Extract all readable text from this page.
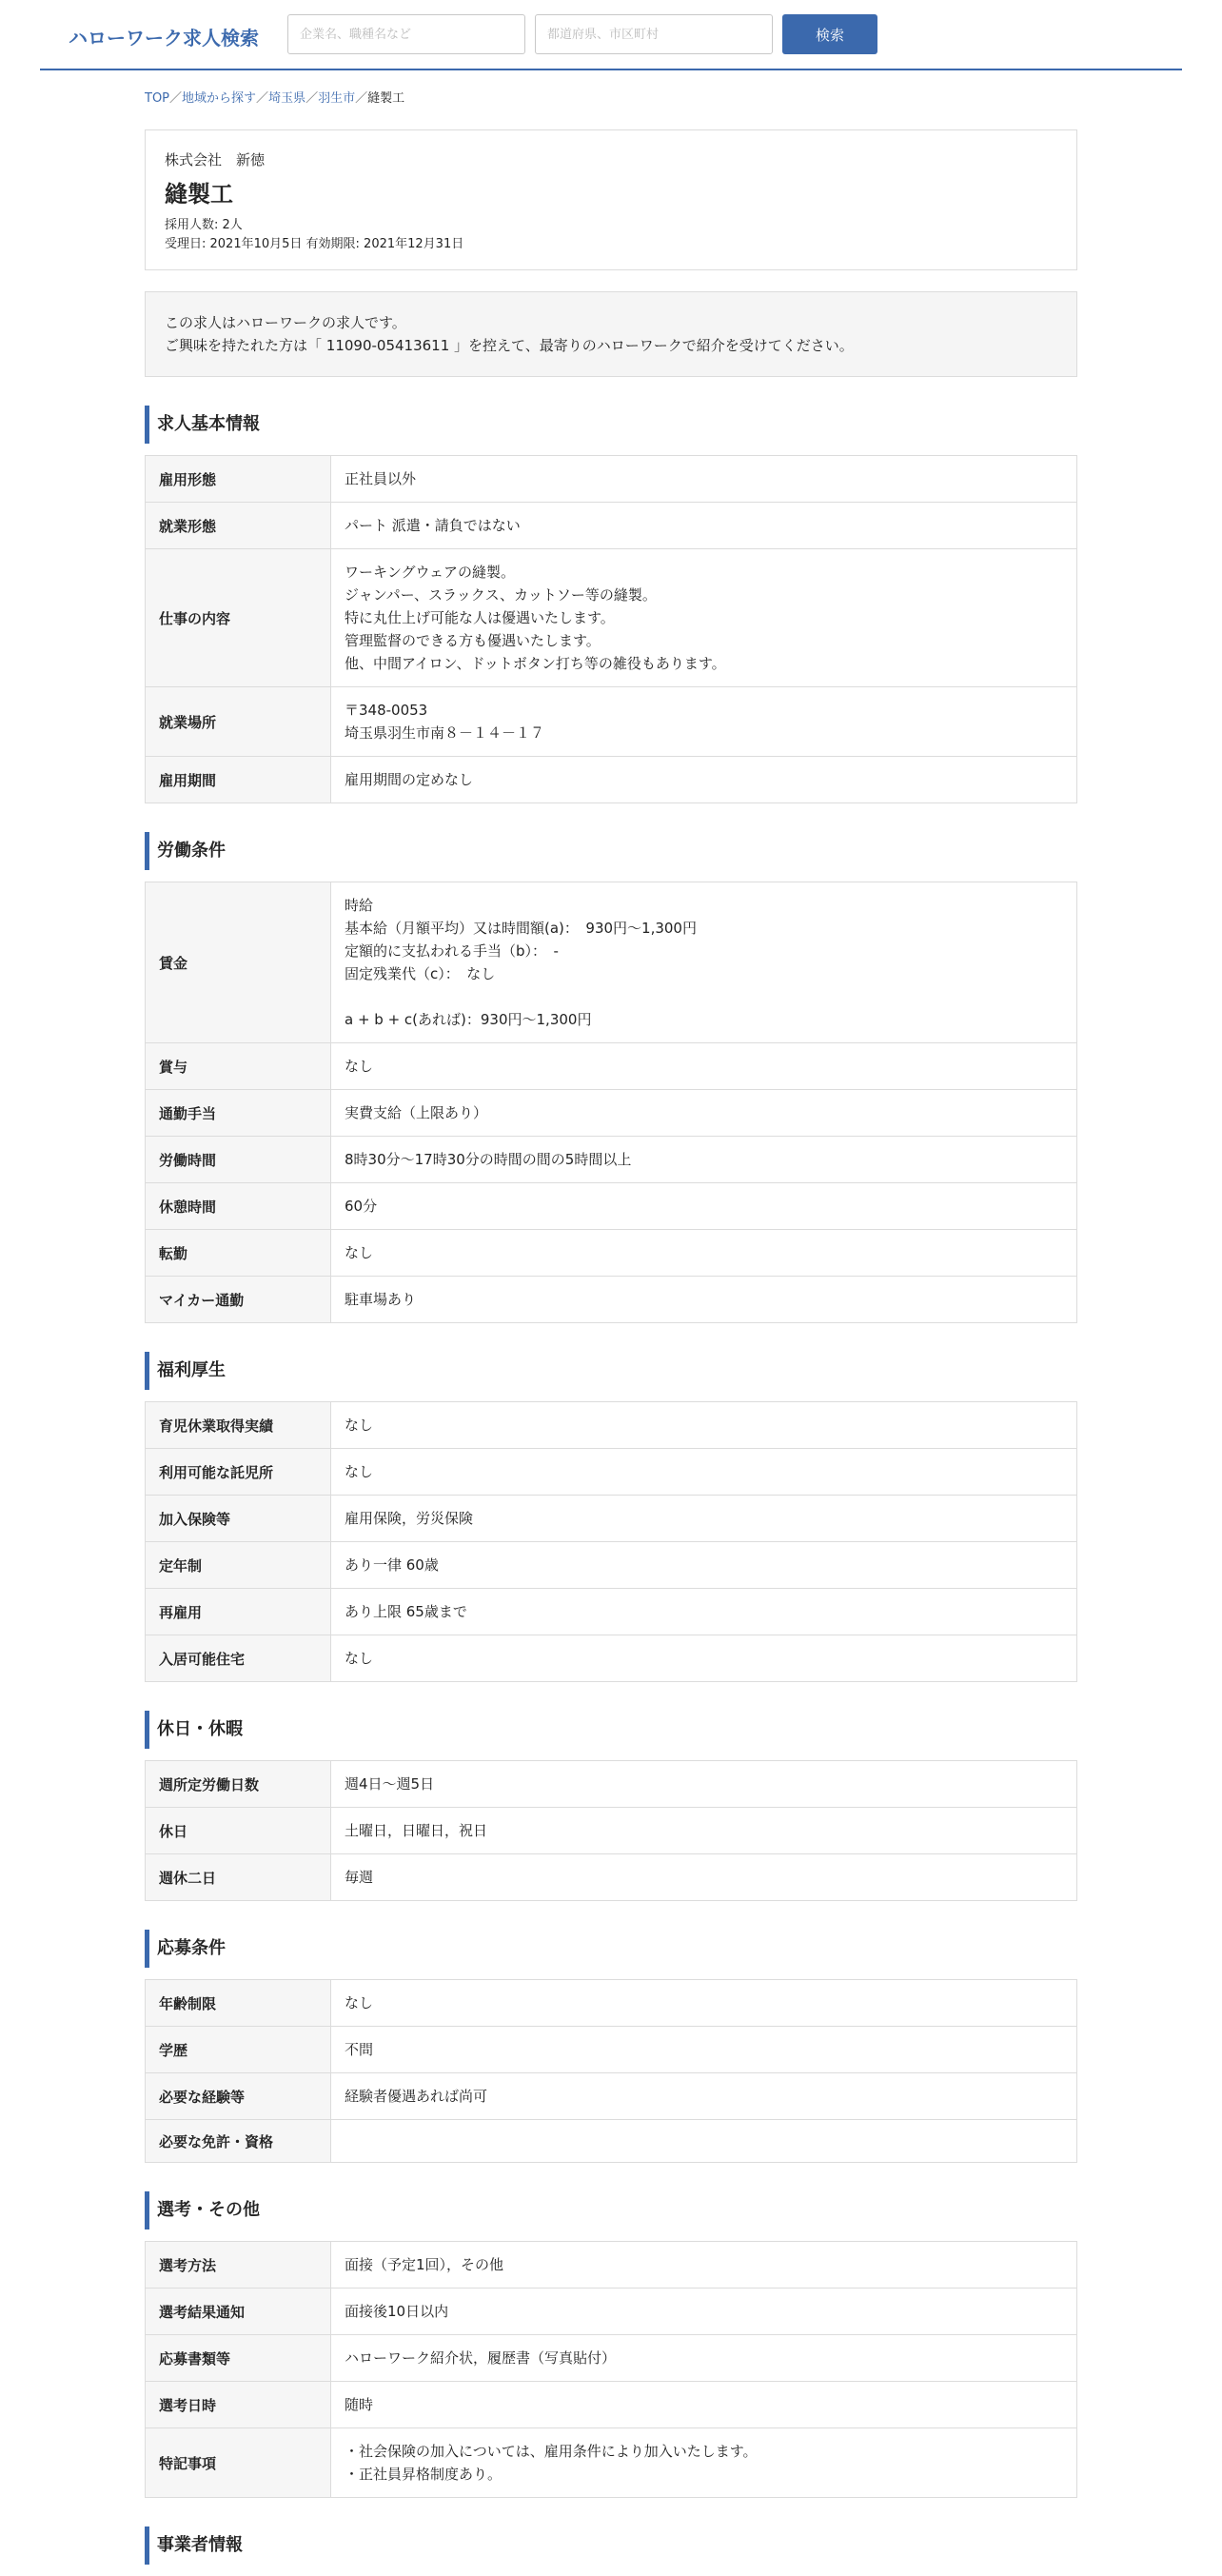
ハローワーク求人検索
企業名、職種名など
都道府県、市区町村	検索
TOP／地域から探す／埼玉県／羽生市／縫製工
株式会社　新徳
縫製工
採用人数: 2人
受理日: 2021年10月5日 有効期限: 2021年12月31日
この求人はハローワークの求人です。
ご興味を持たれた方は「 11090-05413611 」を控えて、最寄りのハローワークで紹介を受けてください。
求人基本情報
雇用形態	正社員以外
就業形態	パート 派遣・請負ではない
仕事の内容	ワーキングウェアの縫製。
ジャンパー、スラックス、カットソー等の縫製。
特に丸仕上げ可能な人は優遇いたします。
管理監督のできる方も優遇いたします。
他、中間アイロン、ドットボタン打ち等の雑役もあります。
就業場所	〒348-0053
埼玉県羽生市南８－１４－１７
雇用期間	雇用期間の定めなし
労働条件
賃金	時給
基本給（月額平均）又は時間額(a)：　930円〜1,300円
定額的に支払われる手当（b）：　-
固定残業代（c）：　なし

a + b + c(あれば)：930円〜1,300円
賞与	なし
通勤手当	実費支給（上限あり）
労働時間	8時30分〜17時30分の時間の間の5時間以上
休憩時間	60分
転勤	なし
マイカー通勤	駐車場あり
福利厚生
育児休業取得実績	なし
利用可能な託児所	なし
加入保険等	雇用保険，労災保険
定年制	あり一律 60歳
再雇用	あり上限 65歳まで
入居可能住宅	なし
休日・休暇
週所定労働日数	週4日〜週5日
休日	土曜日，日曜日，祝日
週休二日	毎週
応募条件
年齢制限	なし
学歴	不問
必要な経験等	経験者優遇あれば尚可
必要な免許・資格	
選考・その他
選考方法	面接（予定1回），その他
選考結果通知	面接後10日以内
応募書類等	ハローワーク紹介状，履歴書（写真貼付）
選考日時	随時
特記事項	・社会保険の加入については、雇用条件により加入いたします。
・正社員昇格制度あり。
事業者情報
